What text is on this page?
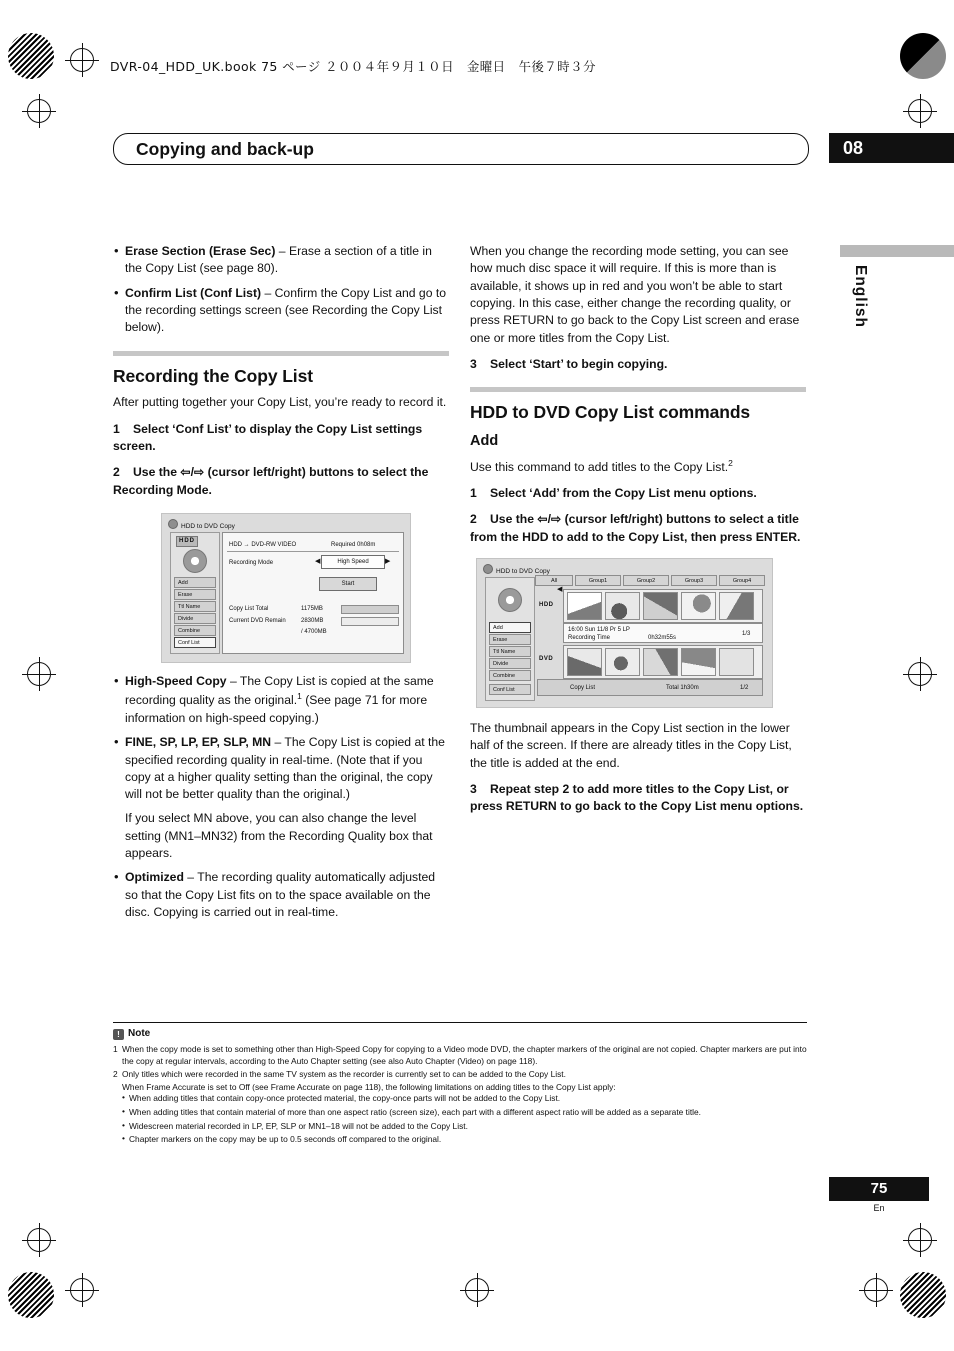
DVR-04_HDD_UK.book 75 ページ ２００４年９月１０日　金曜日　午後７時３分
Copying and back-up	08
English
• Erase Section (Erase Sec) – Erase a section of a title in the Copy List (see page 80).
• Confirm List (Conf List) – Confirm the Copy List and go to the recording settings screen (see Recording the Copy List below).
Recording the Copy List

After putting together your Copy List, you’re ready to record it.

1 Select ‘Conf List’ to display the Copy List settings screen.
2 Use the ⇦/⇨ (cursor left/right) buttons to select the Recording Mode.
HDD to DVD Copy
HDD
Add
Erase
Ttl Name
Divide
Combine
Conf List
HDD → DVD-RW VIDEO	Required 0h08m
Recording Mode	High Speed
◀	▶
Start
Copy List Total	1175MB
Current DVD Remain	2830MB
/ 4700MB
• High-Speed Copy – The Copy List is copied at the same recording quality as the original.$^1$ (See page 71 for more information on high-speed copying.)
• FINE, SP, LP, EP, SLP, MN – The Copy List is copied at the specified recording quality in real-time. (Note that if you copy at a higher quality setting than the original, the copy will not be better quality than the original.)
If you select MN above, you can also change the level setting (MN1–MN32) from the Recording Quality box that appears.
• Optimized – The recording quality automatically adjusted so that the Copy List fits on to the space available on the disc. Copying is carried out in real-time.

When you change the recording mode setting, you can see how much disc space it will require. If this is more than is available, it shows up in red and you won’t be able to start copying. In this case, either change the recording quality, or press RETURN to go back to the Copy List screen and erase one or more titles from the Copy List.

3 Select ‘Start’ to begin copying.
HDD to DVD Copy List commands
Add

Use this command to add titles to the Copy List.$^2$

1 Select ‘Add’ from the Copy List menu options.
2 Use the ⇦/⇨ (cursor left/right) buttons to select a title from the HDD to add to the Copy List, then press ENTER.
HDD to DVD Copy
Add
Erase
Ttl Name
Divide
Combine
Conf List
All	Group1	Group2	Group3	Group4
HDD
◀
16:00 Sun 11/8 Pr 5 LP
Recording Time	0h32m55s
1/3
DVD
Copy List	Total 1h30m	1/2

The thumbnail appears in the Copy List section in the lower half of the screen. If there are already titles in the Copy List, the title is added at the end.

3 Repeat step 2 to add more titles to the Copy List, or press RETURN to go back to the Copy List menu options.
! Note
1 When the copy mode is set to something other than High-Speed Copy for copying to a Video mode DVD, the chapter markers of the original are not copied. Chapter markers are put into the copy at regular intervals, according to the Auto Chapter setting (see also Auto Chapter (Video) on page 118).
2 Only titles which were recorded in the same TV system as the recorder is currently set to can be added to the Copy List.
When Frame Accurate is set to Off (see Frame Accurate on page 118), the following limitations on adding titles to the Copy List apply:
• When adding titles that contain copy-once protected material, the copy-once parts will not be added to the Copy List.
• When adding titles that contain material of more than one aspect ratio (screen size), each part with a different aspect ratio will be added as a separate title.
• Widescreen material recorded in LP, EP, SLP or MN1–18 will not be added to the Copy List.
• Chapter markers on the copy may be up to 0.5 seconds off compared to the original.
75
En
